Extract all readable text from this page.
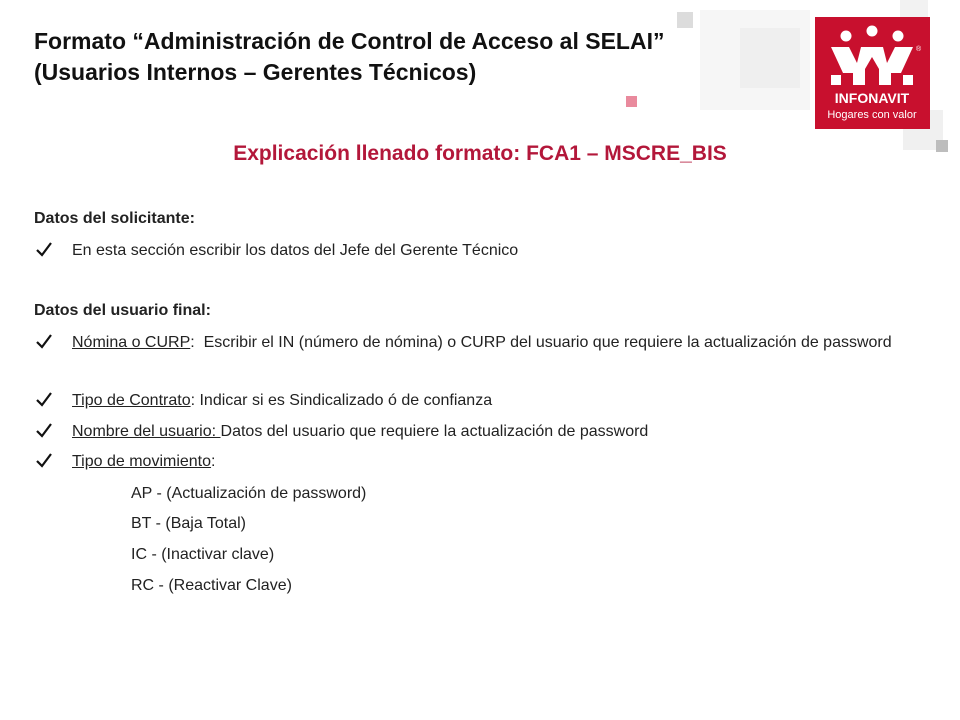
Formato “Administración de Control de Acceso al SELAI”
(Usuarios Internos – Gerentes Técnicos)
®
INFONAVIT
Hogares con valor
Explicación llenado formato: FCA1 – MSCRE_BIS
Datos del solicitante:
En esta sección escribir los datos del Jefe del Gerente Técnico
Datos del usuario final:
Nómina o CURP:  Escribir el IN (número de nómina) o CURP del usuario que requiere la actualización de password
Tipo de Contrato: Indicar si es Sindicalizado ó de confianza
Nombre del usuario: Datos del usuario que requiere la actualización de password
Tipo de movimiento:
AP - (Actualización de password)
BT - (Baja Total)
IC - (Inactivar clave)
RC - (Reactivar Clave)
